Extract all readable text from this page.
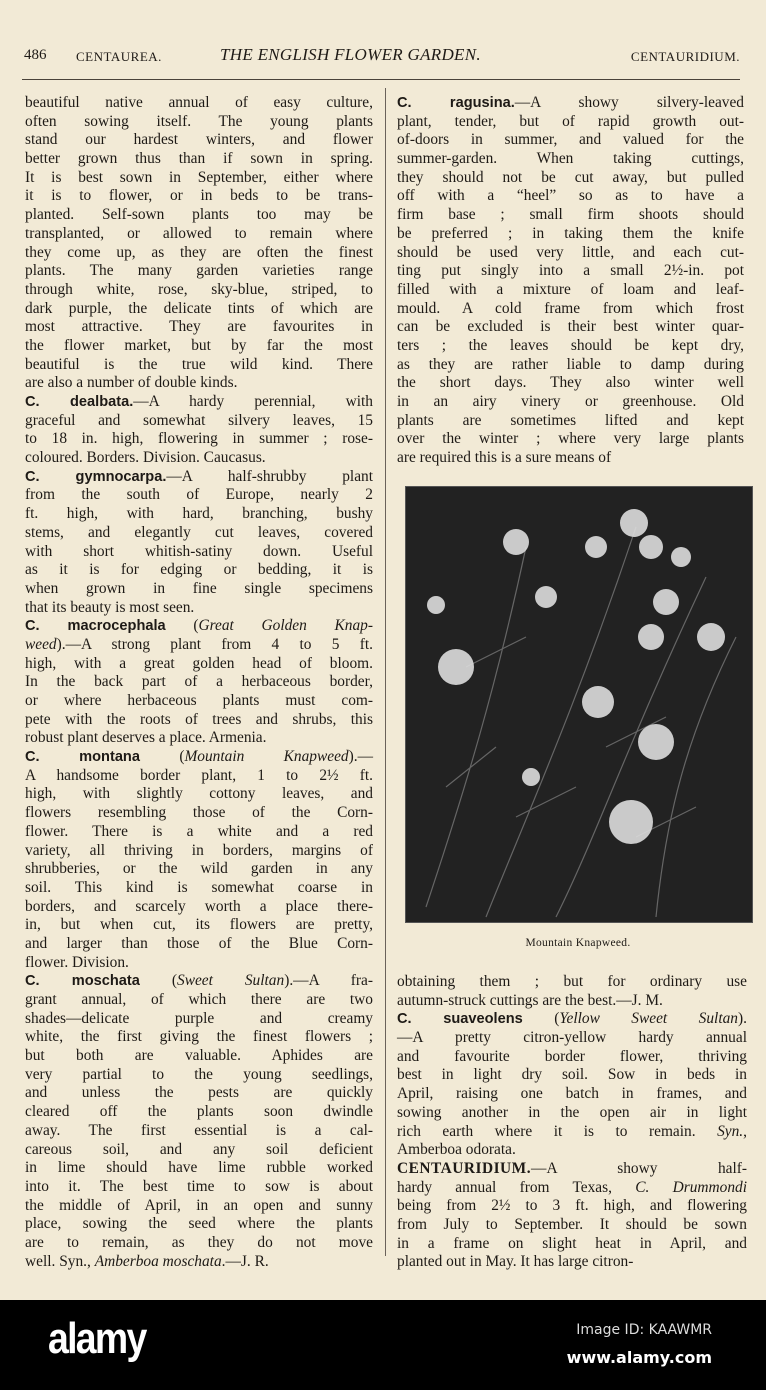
486 CENTAUREA.	THE ENGLISH FLOWER GARDEN.	CENTAURIDIUM.
beautiful native annual of easy culture,
often sowing itself. The young plants
stand our hardest winters, and flower
better grown thus than if sown in spring.
It is best sown in September, either where
it is to flower, or in beds to be trans-
planted. Self-sown plants too may be
transplanted, or allowed to remain where
they come up, as they are often the finest
plants. The many garden varieties range
through white, rose, sky-blue, striped, to
dark purple, the delicate tints of which are
most attractive. They are favourites in
the flower market, but by far the most
beautiful is the true wild kind. There
are also a number of double kinds.
C. dealbata.—A hardy perennial, with
graceful and somewhat silvery leaves, 15
to 18 in. high, flowering in summer ; rose-
coloured. Borders. Division. Caucasus.
C. gymnocarpa.—A half-shrubby plant
from the south of Europe, nearly 2
ft. high, with hard, branching, bushy
stems, and elegantly cut leaves, covered
with short whitish-satiny down. Useful
as it is for edging or bedding, it is
when grown in fine single specimens
that its beauty is most seen.
C. macrocephala (Great Golden Knap-
weed).—A strong plant from 4 to 5 ft.
high, with a great golden head of bloom.
In the back part of a herbaceous border,
or where herbaceous plants must com-
pete with the roots of trees and shrubs, this
robust plant deserves a place. Armenia.
C. montana (Mountain Knapweed).—
A handsome border plant, 1 to 2½ ft.
high, with slightly cottony leaves, and
flowers resembling those of the Corn-
flower. There is a white and a red
variety, all thriving in borders, margins of
shrubberies, or the wild garden in any
soil. This kind is somewhat coarse in
borders, and scarcely worth a place there-
in, but when cut, its flowers are pretty,
and larger than those of the Blue Corn-
flower. Division.
C. moschata (Sweet Sultan).—A fra-
grant annual, of which there are two
shades—delicate purple and creamy
white, the first giving the finest flowers ;
but both are valuable. Aphides are
very partial to the young seedlings,
and unless the pests are quickly
cleared off the plants soon dwindle
away. The first essential is a cal-
careous soil, and any soil deficient
in lime should have lime rubble worked
into it. The best time to sow is about
the middle of April, in an open and sunny
place, sowing the seed where the plants
are to remain, as they do not move
well. Syn., Amberboa moschata.—J. R.
C. ragusina.—A showy silvery-leaved
plant, tender, but of rapid growth out-
of-doors in summer, and valued for the
summer-garden. When taking cuttings,
they should not be cut away, but pulled
off with a “heel” so as to have a
firm base ; small firm shoots should
be preferred ; in taking them the knife
should be used very little, and each cut-
ting put singly into a small 2½-in. pot
filled with a mixture of loam and leaf-
mould. A cold frame from which frost
can be excluded is their best winter quar-
ters ; the leaves should be kept dry,
as they are rather liable to damp during
the short days. They also winter well
in an airy vinery or greenhouse. Old
plants are sometimes lifted and kept
over the winter ; where very large plants
are required this is a sure means of
Mountain Knapweed.
obtaining them ; but for ordinary use
autumn-struck cuttings are the best.—J. M.
C. suaveolens (Yellow Sweet Sultan).
—A pretty citron-yellow hardy annual
and favourite border flower, thriving
best in light dry soil. Sow in beds in
April, raising one batch in frames, and
sowing another in the open air in light
rich earth where it is to remain. Syn.,
Amberboa odorata.
CENTAURIDIUM.—A showy half-
hardy annual from Texas, C. Drummondi
being from 2½ to 3 ft. high, and flowering
from July to September. It should be sown
in a frame on slight heat in April, and
planted out in May. It has large citron-
alamy	Image ID: KAAWMR
www.alamy.com
